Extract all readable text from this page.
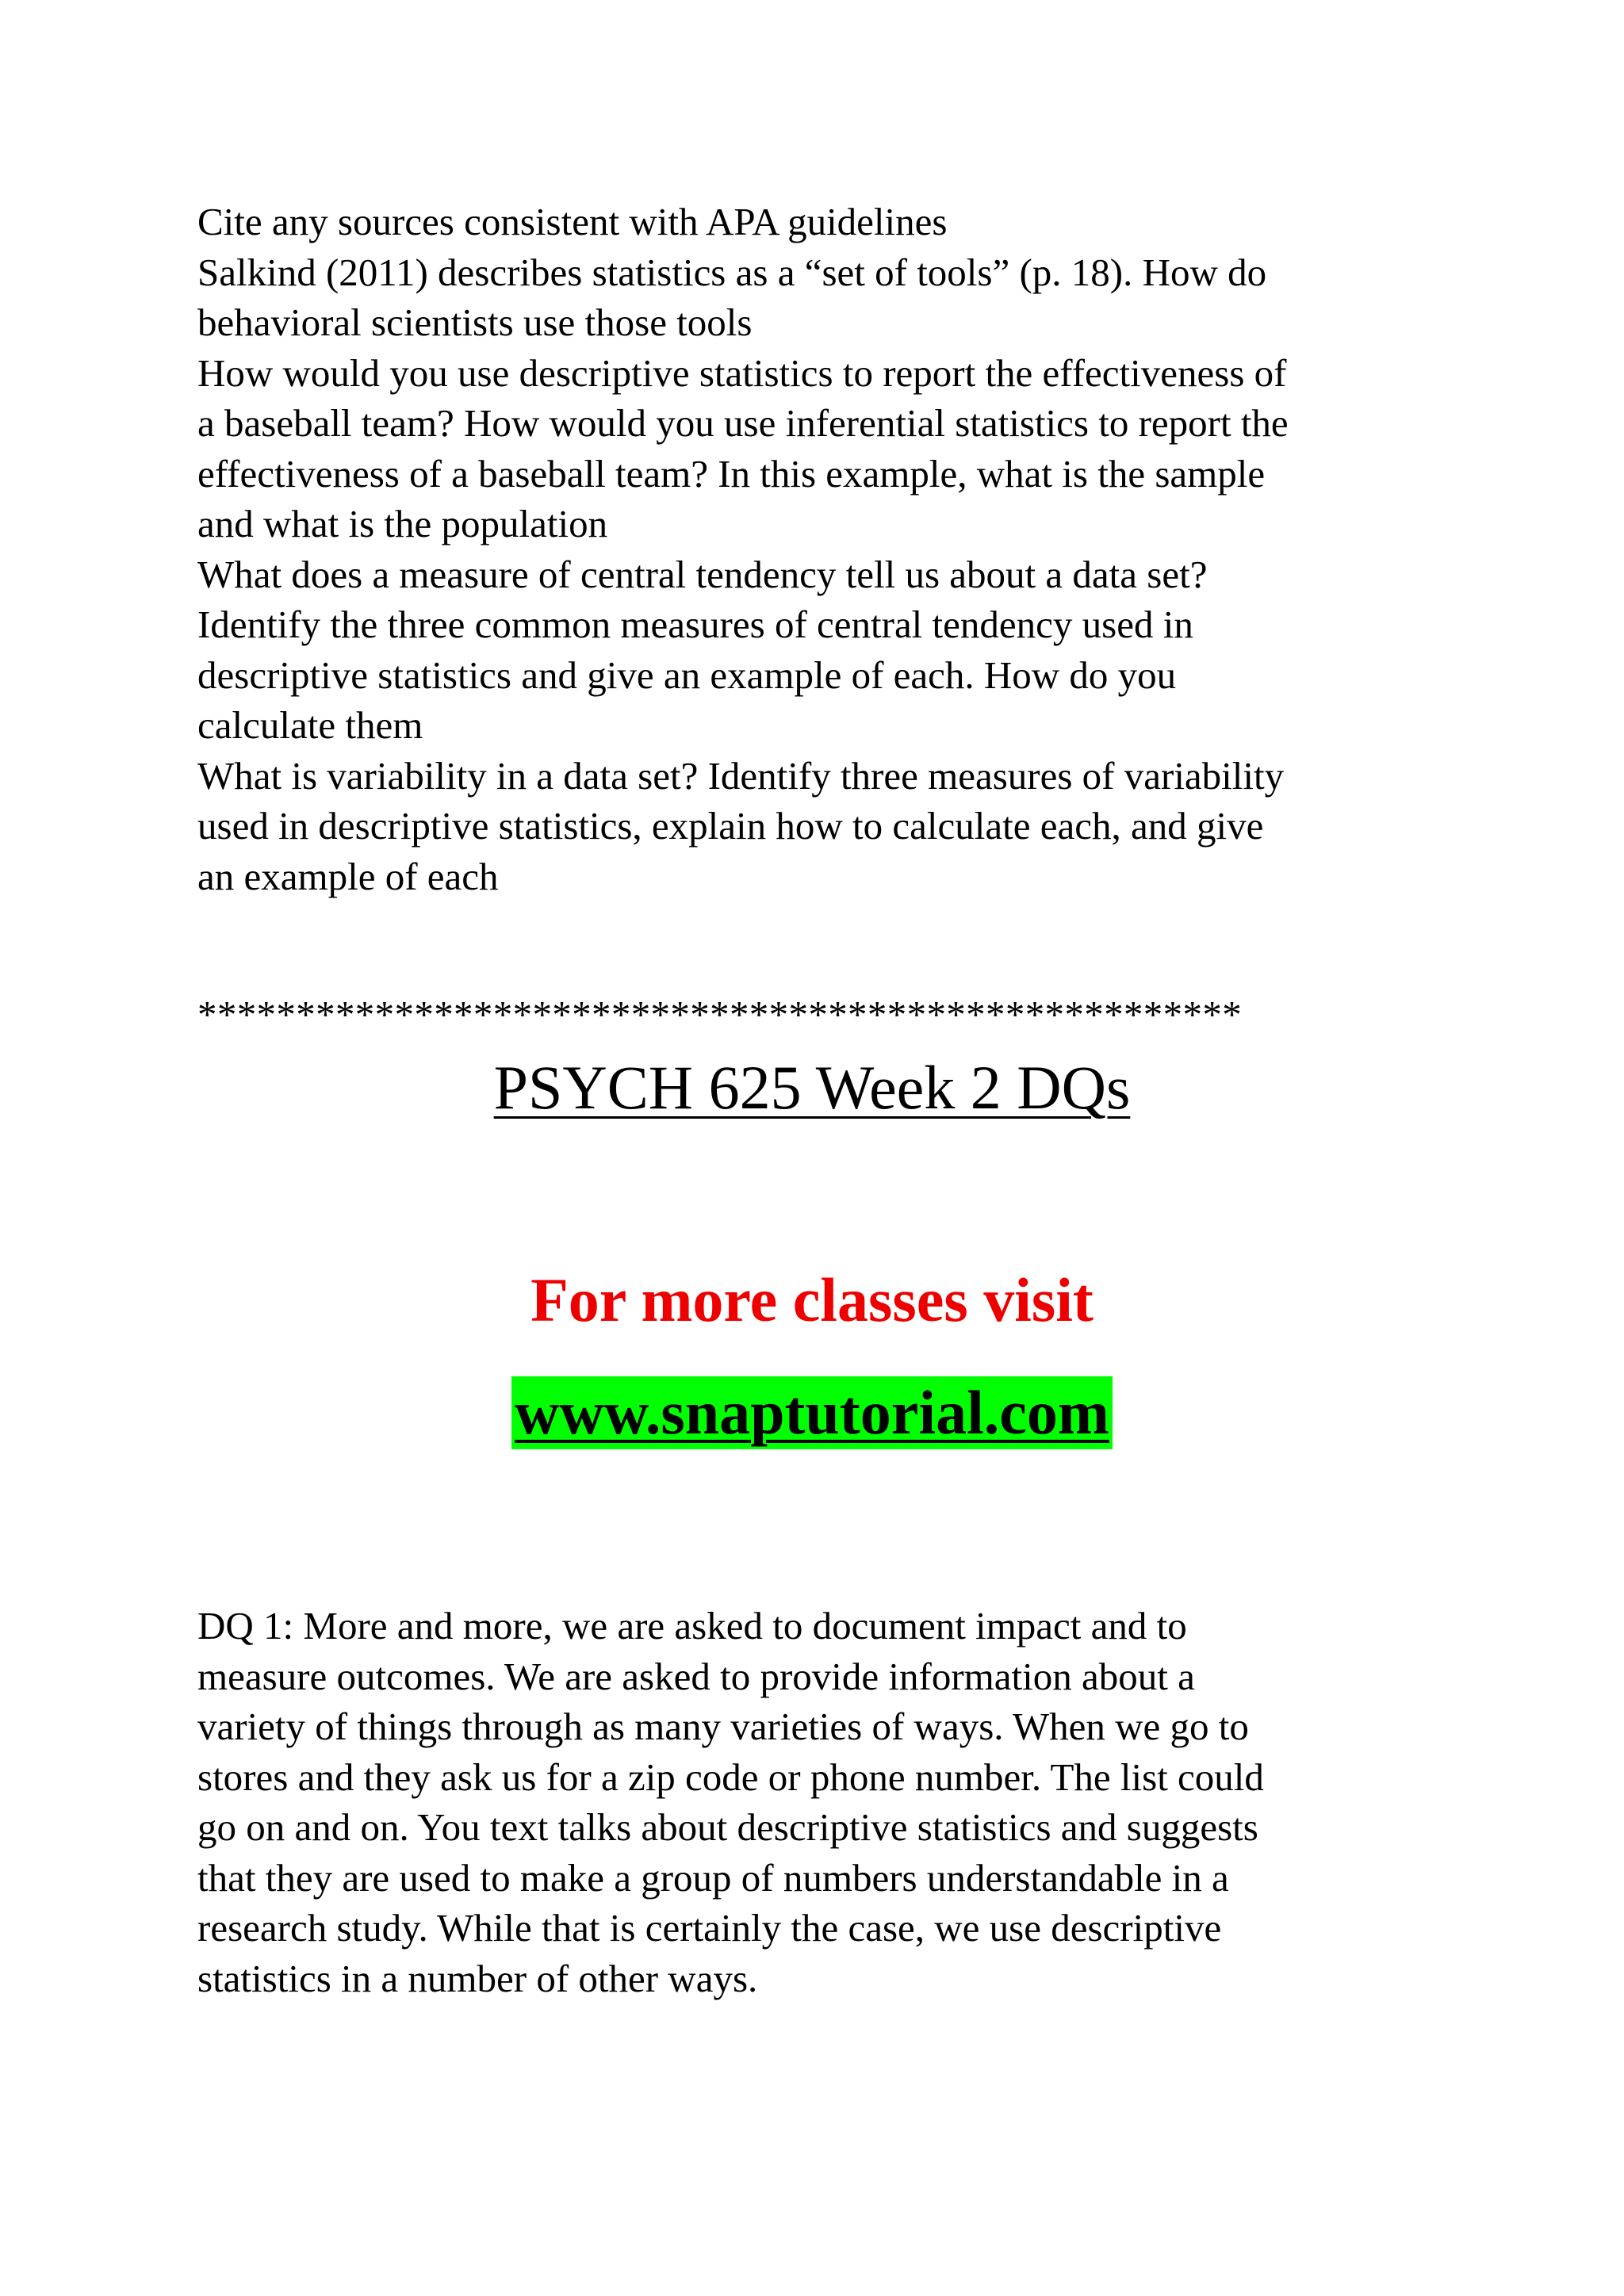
Cite any sources consistent with APA guidelines
Salkind (2011) describes statistics as a “set of tools” (p. 18). How do
behavioral scientists use those tools
How would you use descriptive statistics to report the effectiveness of
a baseball team? How would you use inferential statistics to report the
effectiveness of a baseball team? In this example, what is the sample
and what is the population
What does a measure of central tendency tell us about a data set?
Identify the three common measures of central tendency used in
descriptive statistics and give an example of each. How do you
calculate them
What is variability in a data set? Identify three measures of variability
used in descriptive statistics, explain how to calculate each, and give
an example of each
*****************************************************
PSYCH 625 Week 2 DQs
For more classes visit
www.snaptutorial.com
DQ 1: More and more, we are asked to document impact and to
measure outcomes. We are asked to provide information about a
variety of things through as many varieties of ways. When we go to
stores and they ask us for a zip code or phone number. The list could
go on and on. You text talks about descriptive statistics and suggests
that they are used to make a group of numbers understandable in a
research study. While that is certainly the case, we use descriptive
statistics in a number of other ways.
